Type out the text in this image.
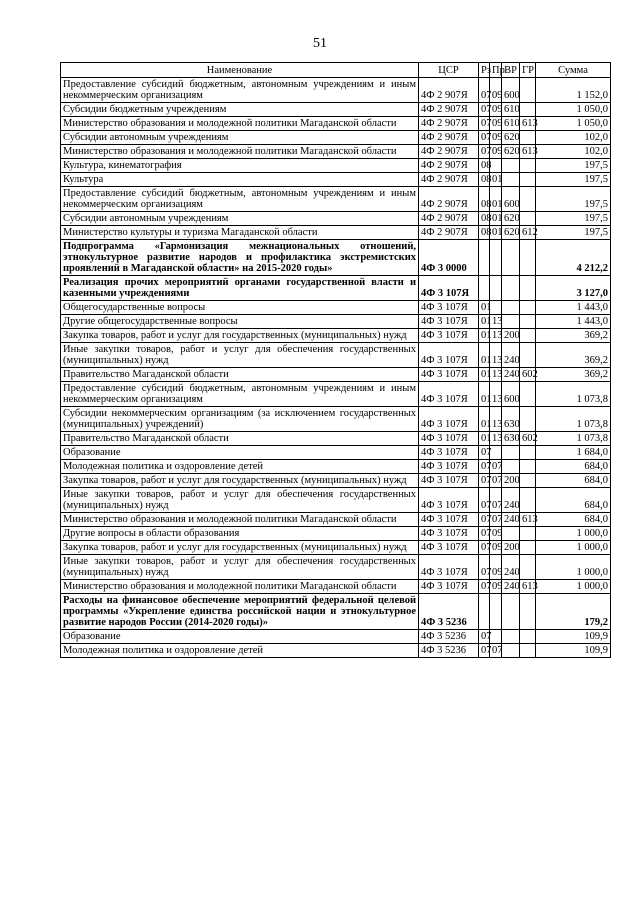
51
Наименование	ЦСР	Рз	Пр	ВР	ГР	Сумма
Предоставление субсидий бюджетным, автономным учреждениям и иным некоммерческим организациям	4Ф 2 907Я	07	09	600		1 152,0
Субсидии бюджетным учреждениям	4Ф 2 907Я	07	09	610		1 050,0
Министерство образования и молодежной политики Магаданской области	4Ф 2 907Я	07	09	610	613	1 050,0
Субсидии автономным учреждениям	4Ф 2 907Я	07	09	620		102,0
Министерство образования и молодежной политики Магаданской области	4Ф 2 907Я	07	09	620	613	102,0
Культура, кинематография	4Ф 2 907Я	08				197,5
Культура	4Ф 2 907Я	08	01			197,5
Предоставление субсидий бюджетным, автономным учреждениям и иным некоммерческим организациям	4Ф 2 907Я	08	01	600		197,5
Субсидии автономным учреждениям	4Ф 2 907Я	08	01	620		197,5
Министерство культуры и туризма Магаданской области	4Ф 2 907Я	08	01	620	612	197,5
Подпрограмма «Гармонизация межнациональных отношений, этнокультурное развитие народов и профилактика экстремистских проявлений в Магаданской области» на 2015-2020 годы»	4Ф 3 0000					4 212,2
Реализация прочих мероприятий органами государственной власти и казенными учреждениями	4Ф 3 107Я					3 127,0
Общегосударственные вопросы	4Ф 3 107Я	01				1 443,0
Другие общегосударственные вопросы	4Ф 3 107Я	01	13			1 443,0
Закупка товаров, работ и услуг для государственных (муниципальных) нужд	4Ф 3 107Я	01	13	200		369,2
Иные закупки товаров, работ и услуг для обеспечения государственных (муниципальных) нужд	4Ф 3 107Я	01	13	240		369,2
Правительство Магаданской области	4Ф 3 107Я	01	13	240	602	369,2
Предоставление субсидий бюджетным, автономным учреждениям и иным некоммерческим организациям	4Ф 3 107Я	01	13	600		1 073,8
Субсидии некоммерческим организациям (за исключением государственных (муниципальных) учреждений)	4Ф 3 107Я	01	13	630		1 073,8
Правительство Магаданской области	4Ф 3 107Я	01	13	630	602	1 073,8
Образование	4Ф 3 107Я	07				1 684,0
Молодежная политика и оздоровление детей	4Ф 3 107Я	07	07			684,0
Закупка товаров, работ и услуг для государственных (муниципальных) нужд	4Ф 3 107Я	07	07	200		684,0
Иные закупки товаров, работ и услуг для обеспечения государственных (муниципальных) нужд	4Ф 3 107Я	07	07	240		684,0
Министерство образования и молодежной политики Магаданской области	4Ф 3 107Я	07	07	240	613	684,0
Другие вопросы в области образования	4Ф 3 107Я	07	09			1 000,0
Закупка товаров, работ и услуг для государственных (муниципальных) нужд	4Ф 3 107Я	07	09	200		1 000,0
Иные закупки товаров, работ и услуг для обеспечения государственных (муниципальных) нужд	4Ф 3 107Я	07	09	240		1 000,0
Министерство образования и молодежной политики Магаданской области	4Ф 3 107Я	07	09	240	613	1 000,0
Расходы на финансовое обеспечение мероприятий федеральной целевой программы «Укрепление единства российской нации и этнокультурное развитие народов России (2014-2020 годы)»	4Ф 3 5236					179,2
Образование	4Ф 3 5236	07				109,9
Молодежная политика и оздоровление детей	4Ф 3 5236	07	07			109,9
